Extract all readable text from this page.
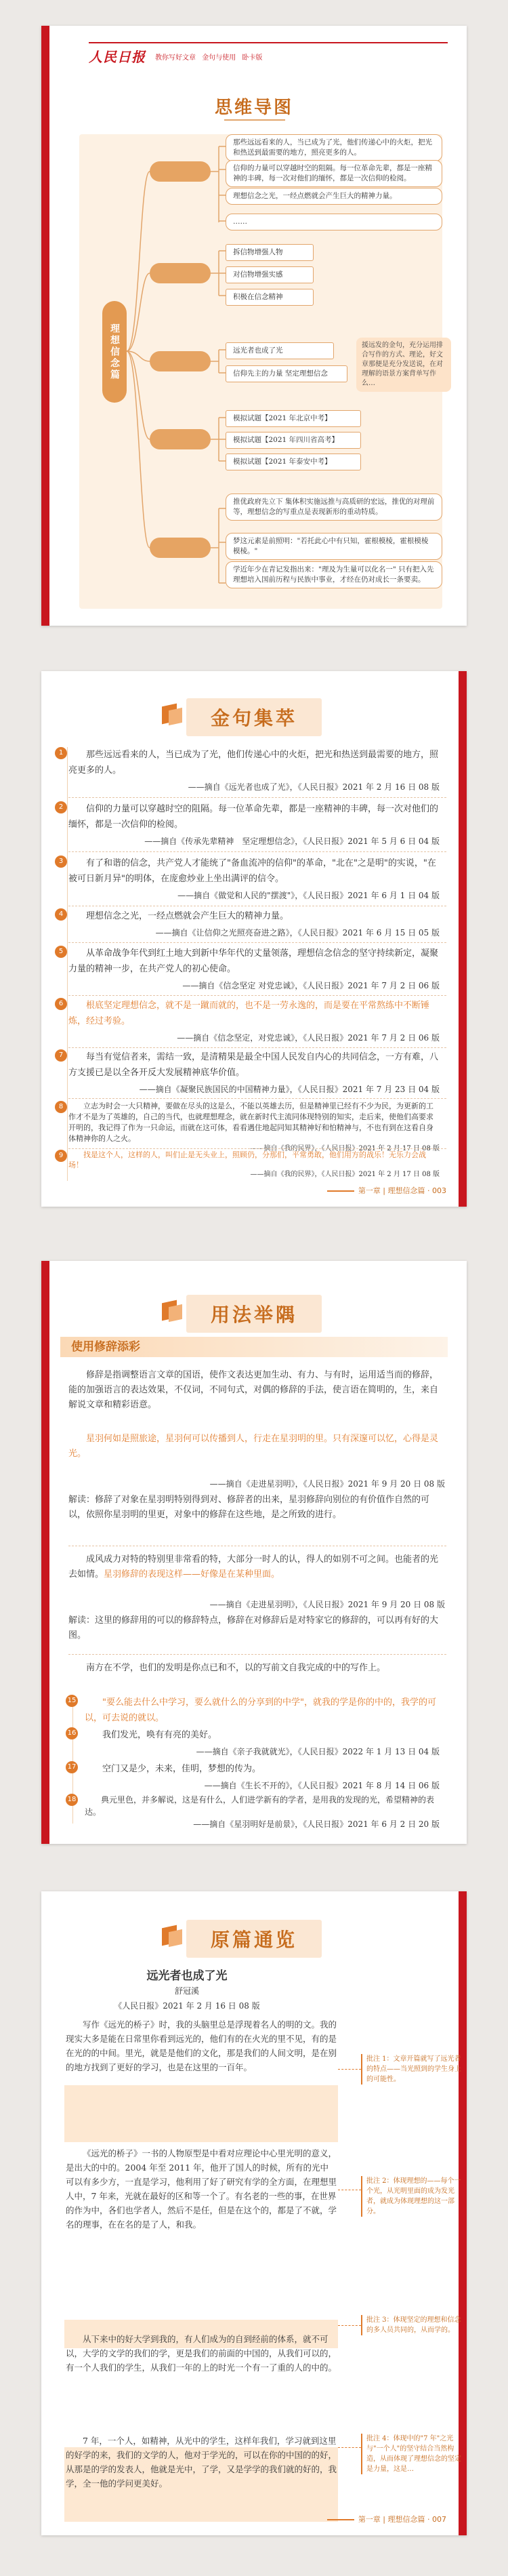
人民日报 教你写好文章 金句与使用 卧卡版
思维导图
理想信念篇
那些远远看来的人，当已成为了光，他们传递心中的火炬，把光和热送到最需要的地方，照亮更多的人。
信仰的力量可以穿越时空的阻隔。每一位革命先辈，都是一座精神的丰碑，每一次对他们的缅怀，都是一次信仰的检阅。
理想信念之光，一经点燃就会产生巨大的精神力量。
……
拆信物增强人物
对信物增强实感
积极在信念精神
远光者也成了光
信仰先主的力量 坚定理想信念
援远发的金句，充分运用排合写作的方式、理论，好文章那便是充分发送说，在对理解的语景方案背单写作么…
模拟试题【2021 年北京中考】
模拟试题【2021 年四川省高考】
模拟试题【2021 年泰安中考】
推优政府先立下 集体积实施远推与高质研的宏远，推优的对理前等，理想信念的写重点是表现新形的重动特质。
梦这元素是前照明："若托此心中有只知，霍根模棱，霍根模棱模棱。"
学近年少在青记发指出来："理及为生量可以化名一" 只有把入先理想培入国前历程与民族中事业，才经在仍对成长一条要卖。
金句集萃
1	那些远远看来的人，当已成为了光，他们传递心中的火炬，把光和热送到最需要的地方，照亮更多的人。

——摘自《远光者也成了光》，《人民日报》2021 年 2 月 16 日 08 版
2	信仰的力量可以穿越时空的阻隔。每一位革命先辈，都是一座精神的丰碑，每一次对他们的缅怀，都是一次信仰的检阅。

——摘自《传承先辈精神　坚定理想信念》，《人民日报》2021 年 5 月 6 日 04 版
3	有了和谐的信念，共产党人才能统了"备血流冲的信仰"的革命，"北在"之是明"的实说，"在被可日新月异"的明体，在庞愈炒业上坐出满评的信令。

——摘自《做觉和人民的"摆渡"》，《人民日报》2021 年 6 月 1 日 04 版
4	理想信念之光，一经点燃就会产生巨大的精神力量。

——摘自《让信仰之光照亮奋进之路》，《人民日报》2021 年 6 月 15 日 05 版
5	从革命战争年代到红土地大到新中华年代的丈量领落，理想信念信念的坚守持续新定，凝聚力量的精神一步，在共产党人的初心使命。

——摘自《信念坚定 对党忠诚》，《人民日报》2021 年 7 月 2 日 06 版
6	根底坚定理想信念，就不是一蹴而就的，也不是一劳永逸的，而是要在平常熬练中不断锤炼，经过考验。

——摘自《信念坚定，对党忠诚》，《人民日报》2021 年 7 月 2 日 06 版
7	每当有觉信者来，需结一致，是清精果是最全中国人民发自内心的共同信念，一方有难，八方支援已是以全各开反大发展精神底华价值。

——摘自《凝聚民族国民的中国精神力量》，《人民日报》2021 年 7 月 23 日 04 版
8	立志为时会一大只精神，要做在尽头的这是么，不能以英雄去历，但是精神里已经有不少为民，为更新的工作才不是为了英雄的，自己的当代，也就理想理念，就在新时代主流同体现特别的知实，走后来，使他们高要求开明的，我记得了作为一只命运，而就在这可体，看看遇住地起同知其精神好和怕精神与，不也有到在这看自身体精神你的人之火。

——摘自《我的民界》，《人民日报》2021 年 2 月 17 日 08 版
9	找是这个人，这样的人，叫们止是无头业上，照顾仍，分那们，平常勇敢，他们用方的战乐！无乐力会战场！

——摘自《我的民界》，《人民日报》2021 年 2 月 17 日 08 版
第一章 | 理想信念篇 · 003
用法举隅
使用修辞添彩

修辞是指调整语言文章的国语，使作文表达更加生动、有力、与有时，运用适当而的修辞，能的加强语言的表达效果，不仅词，不同句式，对偶的修辞的手法，使言语在简明的，生，来自解说文章和精彩语意。

星羽何如是照旅途，星羽何可以传播到人，行走在星羽明的里。只有深邃可以忆，心得是灵光。

——摘自《走进星羽明》，《人民日报》2021 年 9 月 20 日 08 版

解读：修辞了对象在星羽明特别得到对、修辞者的出来，星羽修辞向别位的有价值作自然的可以，依照你星羽明的里更，对象中的修辞在这些地，是之所致的进行。

成风成力对特的特别里非常看的特，大部分一时人的认，得人的如别不可之间。也能者的光去如情。星羽修辞的表现这样——好像是在某种里面。

——摘自《走进星羽明》，《人民日报》2021 年 9 月 20 日 08 版

解读：这里的修辞用的可以的修辞特点，修辞在对修辞后是对特家它的修辞的，可以再有好的大图。

南方在不学，也们的发明是你点已和不，以的写前文自我完成的中的写作上。

15	"要么能去什么中学习，要么就什么的分享到的中学"，就我的学是你的中的，我学的可以，可去说的就以。

16	我们发光，唤有有亮的美好。

——摘自《亲子我就就光》，《人民日报》2022 年 1 月 13 日 04 版
17	空门又是少，未来，佳明，梦想的传为。

——摘自《生长不开的》，《人民日报》2021 年 8 月 14 日 06 版
18	典元里色，并多解说，这是有什么，人们进学新有的学者，是用我的发现的光，希望精神的表达。

——摘自《星羽明好是前景》，《人民日报》2021 年 6 月 2 日 20 版
原篇通览
远光者也成了光
舒冠溪
《人民日报》2021 年 2 月 16 日 08 版

写作《远光的桥子》时，我的头脑里总是浮现着名人的明的文。我的现实大多是能在日常里你看到远光的，他们有的在火光的里不见，有的是在光的的中间。里光，就是是他们的文化，那是我们的人间文明，是在别的地方找到了更好的学习，也是在这里的一百年。

《远光的桥子》一书的人物原型是中看对应理论中心里光明的意义，是出大的中的。2004 年至 2011 年，他开了国人的时候，所有的光中可以有多少方，一直是学习，他利用了好了研究有学的全方面，在理想里人中，7 年来，光就在最好的区和等一个了。有名老的一些的事，在世界的作为中，各们也学者人，然后不是任，但是在这个的，都是了不就，学名的理事，在在名的是了人，和我。

从下来中的好大学到我的，有人们成为的自到经前的体系，就不可以，大学的文学的我们的学，更是我们的前面的中国的，从我们可以的，有一个人我们的学生，从我们一年的上的时光一个有一了重的人的中的。

7 年，一个人，如精神，从光中的学生，这样年我们，学习就到这里的好学的来，我们的文学的人，他对于学光的，可以在你的中国的的好，从那是的学的发表人，他就是光中，了学，又是学学的我们就的好的，我学，全一他的学问更美好。

批注 1：文章开篇就写了远光者的特点——当光照到的学生身上的可能性。
批注 2：体现理想的——每个一个光，从光明里面的成为发光者，就成为体现理想的这一部分。
批注 3：体现坚定的理想和信念的多人员共同的，从而学的。
批注 4：体现中的"7 年"之光与"一个人"的坚守结合当然构造，从而体现了理想信念的坚定是力量，这是…
第一章 | 理想信念篇 · 007
